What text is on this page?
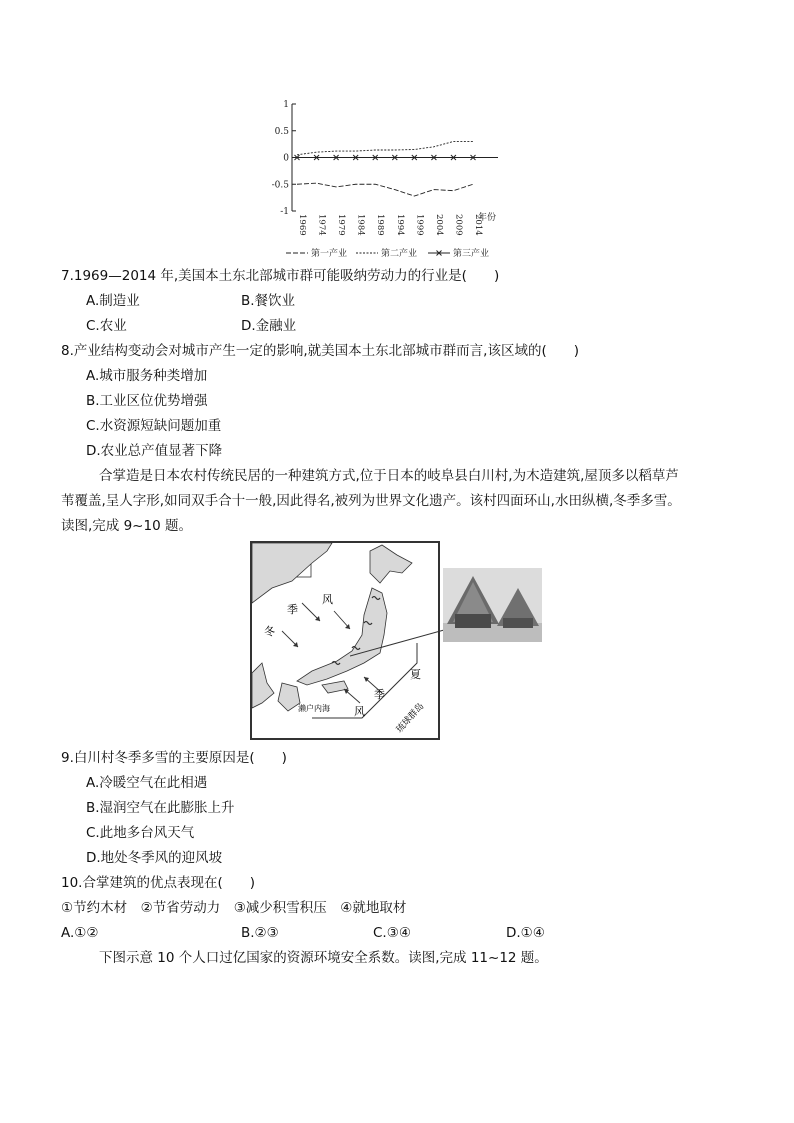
1
0.5
0
-0.5
-1
1969 1974 1979 1984 1989 1994 1999 2004 2009 2014
第一产业	第二产业	第三产业
年份
7.1969—2014 年,美国本土东北部城市群可能吸纳劳动力的行业是(　　)
A.制造业	B.餐饮业
C.农业	D.金融业
8.产业结构变动会对城市产生一定的影响,就美国本土东北部城市群而言,该区域的(　　)
A.城市服务种类增加
B.工业区位优势增强
C.水资源短缺问题加重
D.农业总产值显著下降
合掌造是日本农村传统民居的一种建筑方式,位于日本的岐阜县白川村,为木造建筑,屋顶多以稻草芦
苇覆盖,呈人字形,如同双手合十一般,因此得名,被列为世界文化遗产。该村四面环山,水田纵横,冬季多雪。
读图,完成 9~10 题。
冬
季
风
夏
季
风
濑户内海	琉球群岛
9.白川村冬季多雪的主要原因是(　　)
A.冷暖空气在此相遇
B.湿润空气在此膨胀上升
C.此地多台风天气
D.地处冬季风的迎风坡
10.合掌建筑的优点表现在(　　)
①节约木材　②节省劳动力　③减少积雪积压　④就地取材
A.①②	B.②③	C.③④	D.①④
下图示意 10 个人口过亿国家的资源环境安全系数。读图,完成 11~12 题。
